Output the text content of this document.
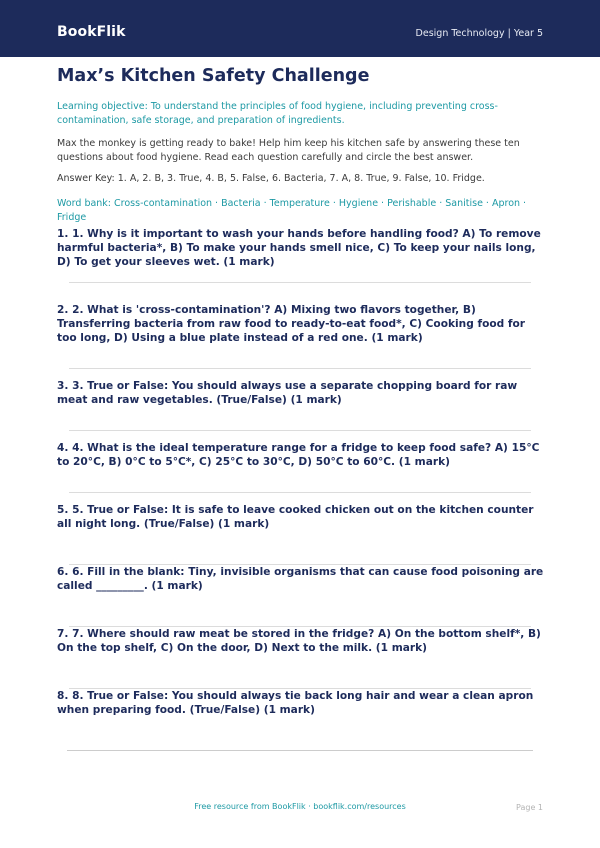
BookFlik	Design Technology | Year 5
Max’s Kitchen Safety Challenge
Learning objective: To understand the principles of food hygiene, including preventing cross-contamination, safe storage, and preparation of ingredients.
Max the monkey is getting ready to bake! Help him keep his kitchen safe by answering these ten questions about food hygiene. Read each question carefully and circle the best answer.
Answer Key: 1. A, 2. B, 3. True, 4. B, 5. False, 6. Bacteria, 7. A, 8. True, 9. False, 10. Fridge.
Word bank: Cross-contamination · Bacteria · Temperature · Hygiene · Perishable · Sanitise · Apron · Fridge
1. 1. Why is it important to wash your hands before handling food? A) To remove harmful bacteria*, B) To make your hands smell nice, C) To keep your nails long, D) To get your sleeves wet. (1 mark)
2. 2. What is 'cross-contamination'? A) Mixing two flavors together, B) Transferring bacteria from raw food to ready-to-eat food*, C) Cooking food for too long, D) Using a blue plate instead of a red one. (1 mark)
3. 3. True or False: You should always use a separate chopping board for raw meat and raw vegetables. (True/False) (1 mark)
4. 4. What is the ideal temperature range for a fridge to keep food safe? A) 15°C to 20°C, B) 0°C to 5°C*, C) 25°C to 30°C, D) 50°C to 60°C. (1 mark)
5. 5. True or False: It is safe to leave cooked chicken out on the kitchen counter all night long. (True/False) (1 mark)
6. 6. Fill in the blank: Tiny, invisible organisms that can cause food poisoning are called _________. (1 mark)
7. 7. Where should raw meat be stored in the fridge? A) On the bottom shelf*, B) On the top shelf, C) On the door, D) Next to the milk. (1 mark)
8. 8. True or False: You should always tie back long hair and wear a clean apron when preparing food. (True/False) (1 mark)
Free resource from BookFlik · bookflik.com/resources	Page 1
